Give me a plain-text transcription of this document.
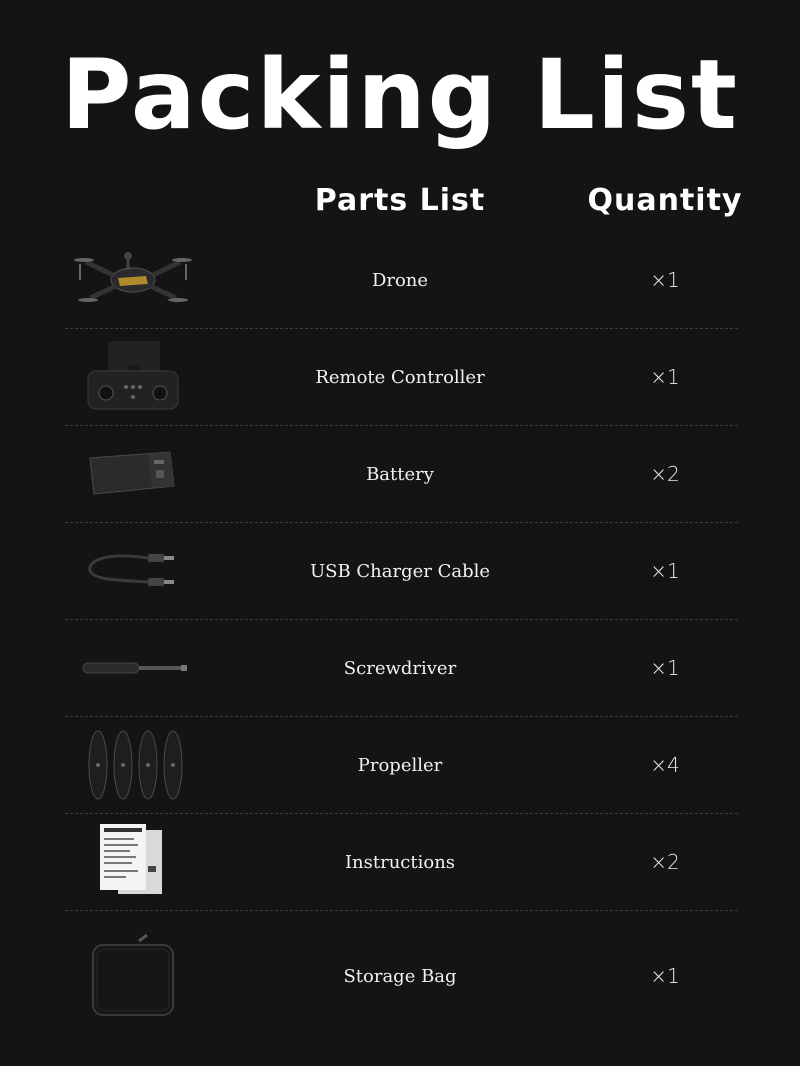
Packing List
Parts List	Quantity
Drone	×1
Remote Controller	×1
Battery	×2
USB Charger Cable	×1
Screwdriver	×1
Propeller	×4
Instructions	×2
Storage Bag	×1
